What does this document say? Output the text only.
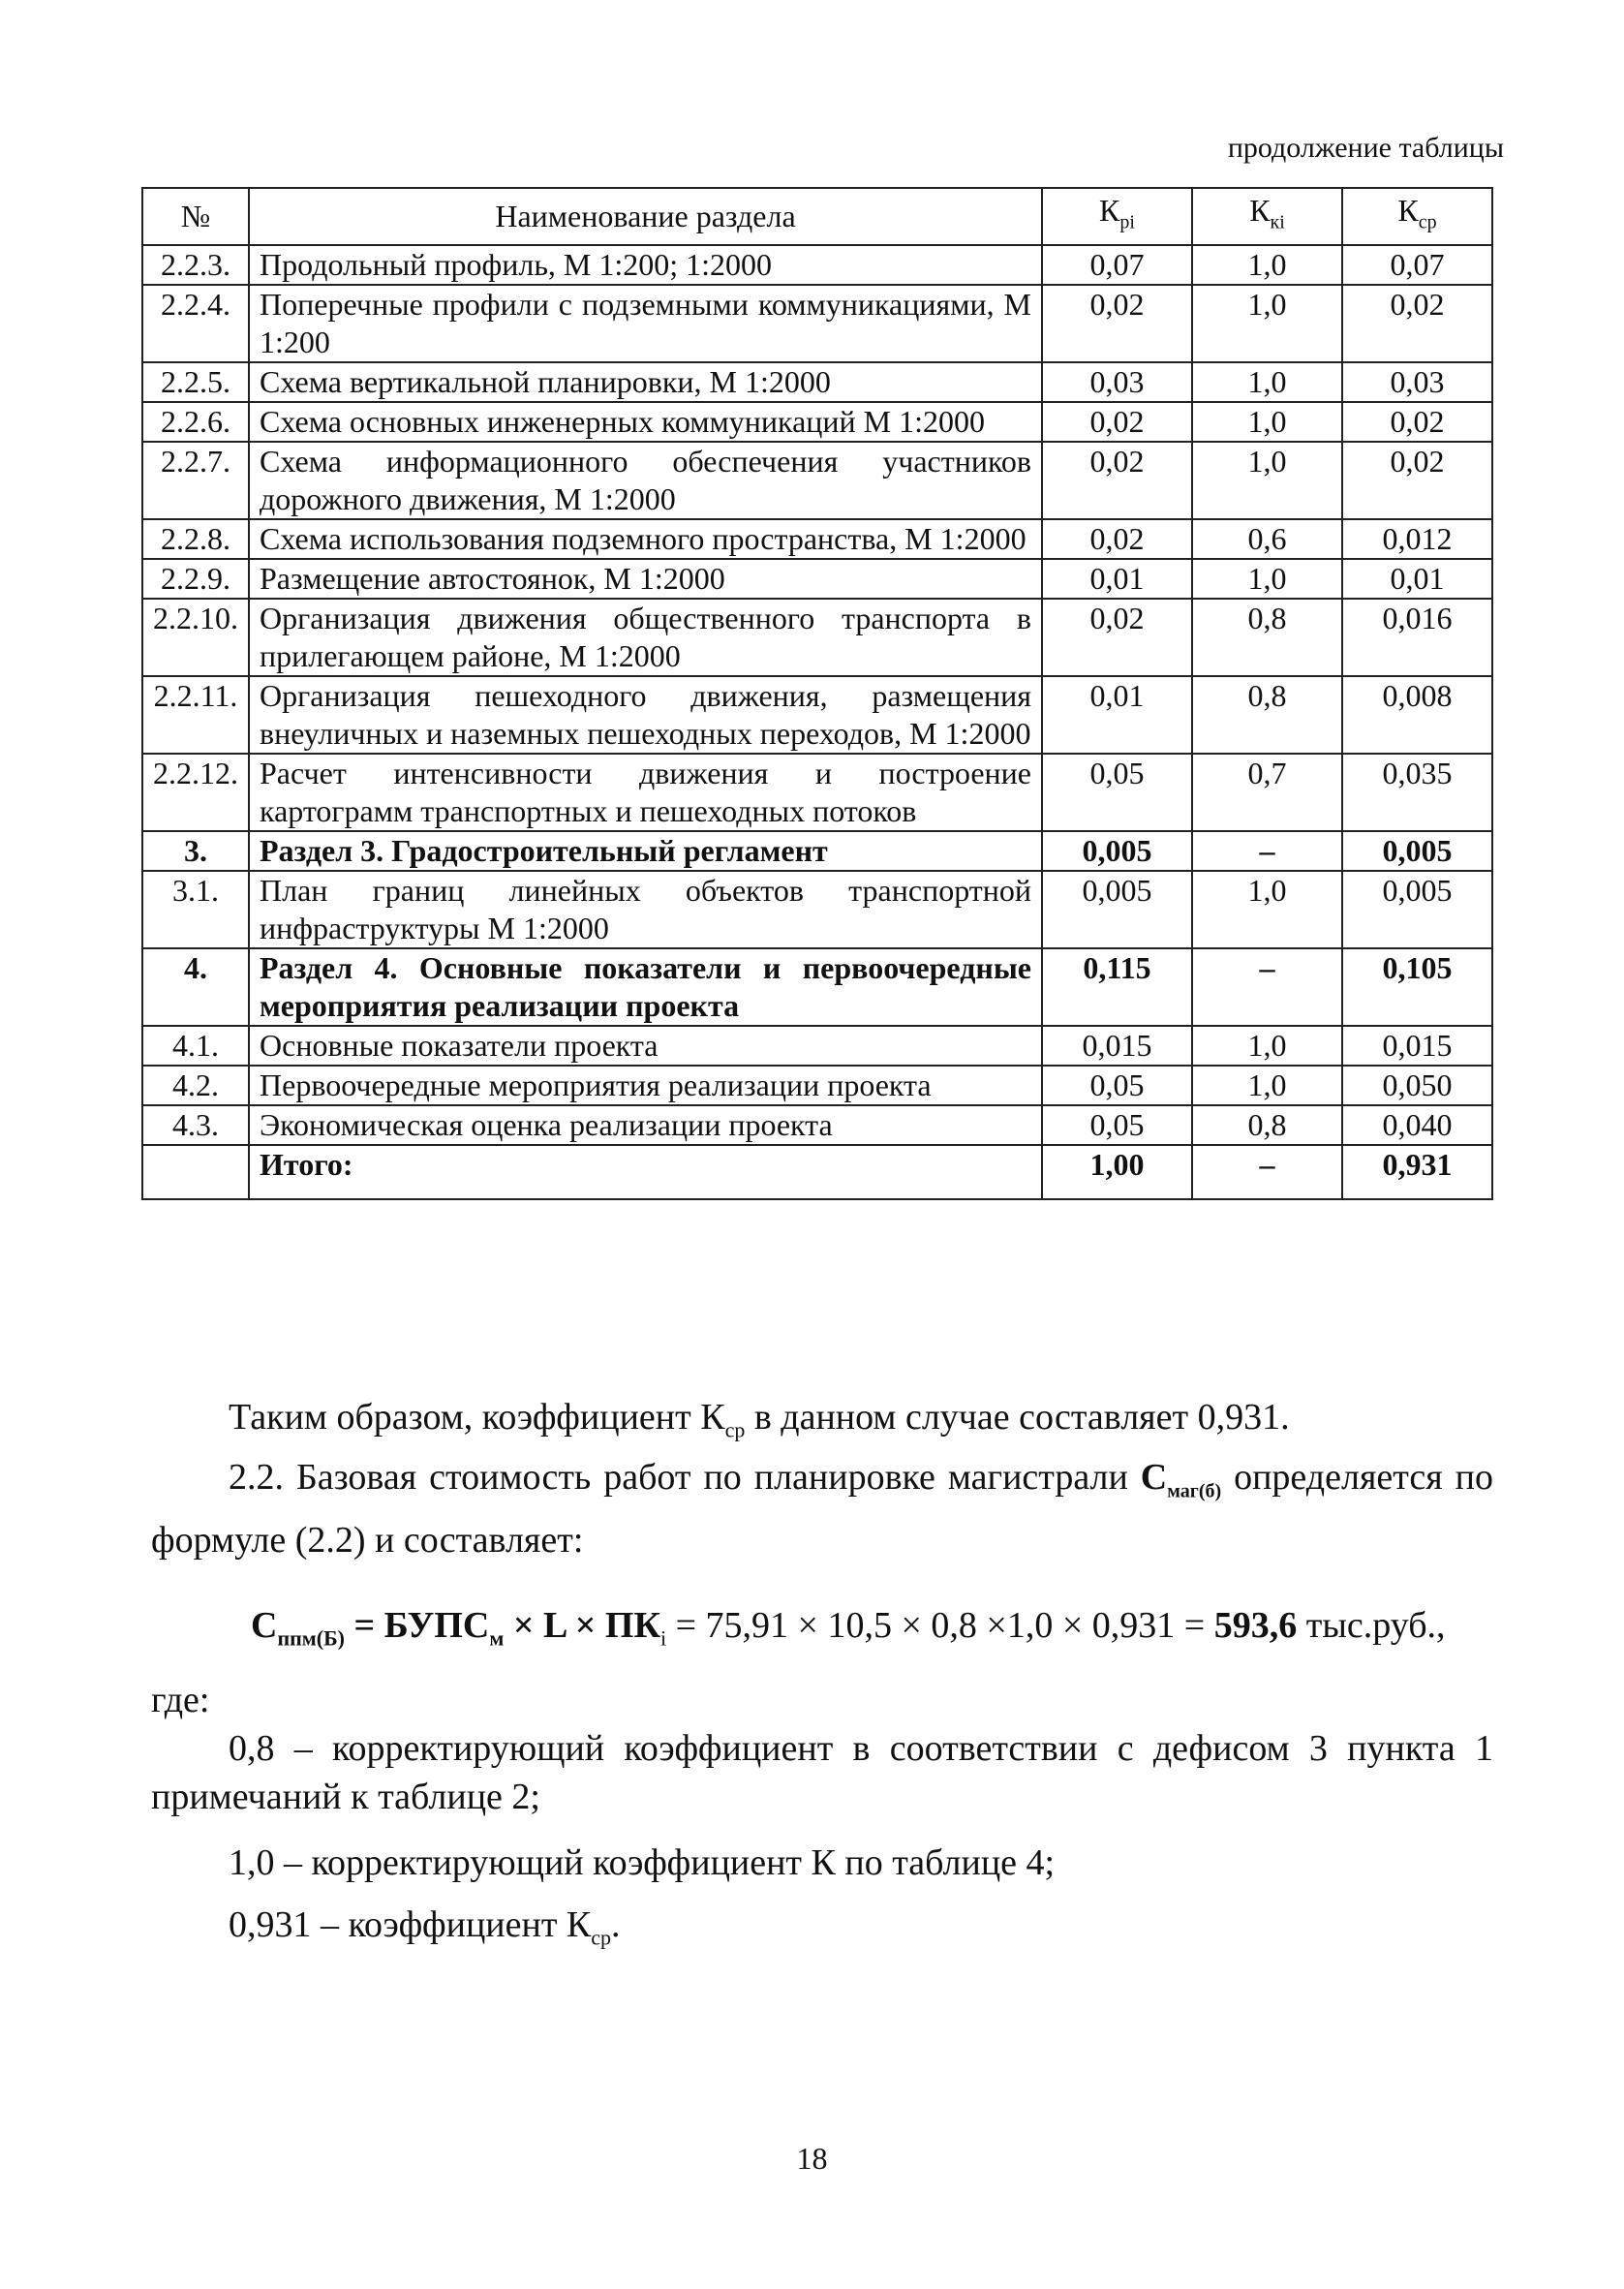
продолжение таблицы
№	Наименование раздела	$К_{pi}$	$К_{кi}$	$К_{ср}$
2.2.3.	Продольный профиль, М 1:200; 1:2000	0,07	1,0	0,07
2.2.4.	Поперечные профили с подземными коммуникациями, М 1:200	0,02	1,0	0,02
2.2.5.	Схема вертикальной планировки, М 1:2000	0,03	1,0	0,03
2.2.6.	Схема основных инженерных коммуникаций М 1:2000	0,02	1,0	0,02
2.2.7.	Схема информационного обеспечения участников дорожного движения, М 1:2000	0,02	1,0	0,02
2.2.8.	Схема использования подземного пространства, М 1:2000	0,02	0,6	0,012
2.2.9.	Размещение автостоянок, М 1:2000	0,01	1,0	0,01
2.2.10.	Организация движения общественного транспорта в прилегающем районе, М 1:2000	0,02	0,8	0,016
2.2.11.	Организация пешеходного движения, размещения внеуличных и наземных пешеходных переходов, М 1:2000	0,01	0,8	0,008
2.2.12.	Расчет интенсивности движения и построение картограмм транспортных и пешеходных потоков	0,05	0,7	0,035
3.	Раздел 3. Градостроительный регламент	0,005	–	0,005
3.1.	План границ линейных объектов транспортной инфраструктуры М 1:2000	0,005	1,0	0,005
4.	Раздел 4. Основные показатели и первоочередные мероприятия реализации проекта	0,115	–	0,105
4.1.	Основные показатели проекта	0,015	1,0	0,015
4.2.	Первоочередные мероприятия реализации проекта	0,05	1,0	0,050
4.3.	Экономическая оценка реализации проекта	0,05	0,8	0,040
	Итого:	1,00	–	0,931
Таким образом, коэффициент $К_{ср}$ в данном случае составляет 0,931.
2.2. Базовая стоимость работ по планировке магистрали $С_{маг(б)}$ определяется по формуле (2.2) и составляет:
$С_{ппм(Б)}$ = $БУПС_м \times L \times ПК_i = 75,91 \times 10,5 \times 0,8 \times 1,0 \times 0,931 = 593,6$ тыс.руб.,
где:
0,8 – корректирующий коэффициент в соответствии с дефисом 3 пункта 1 примечаний к таблице 2;
1,0 – корректирующий коэффициент К по таблице 4;
0,931 – коэффициент $К_{ср}$.
18
